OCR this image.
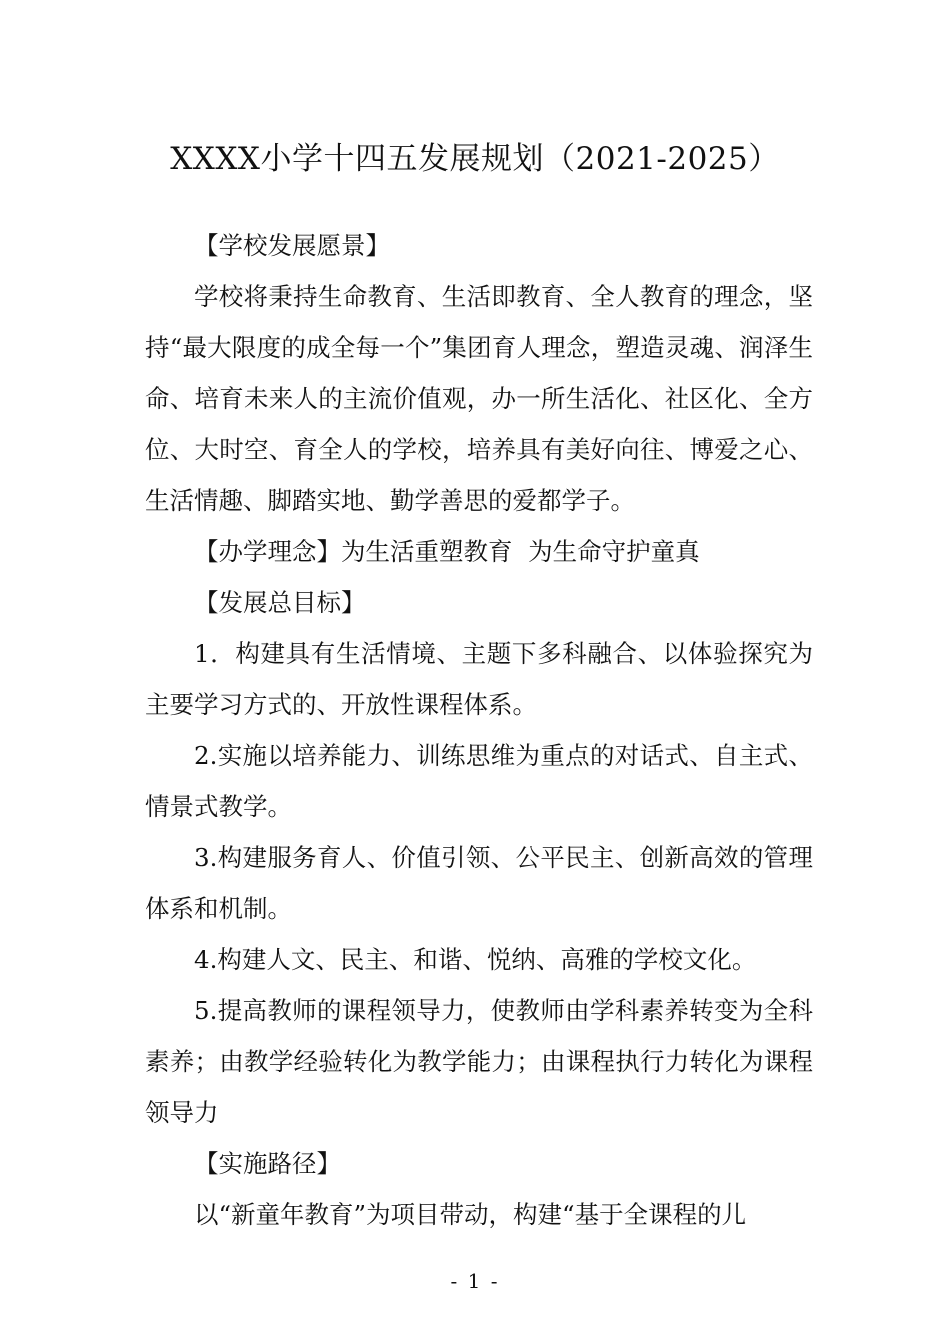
XXXX小学十四五发展规划（2021-2025）

【学校发展愿景】

学校将秉持生命教育、生活即教育、全人教育的理念，坚持“最大限度的成全每一个”集团育人理念，塑造灵魂、润泽生命、培育未来人的主流价值观，办一所生活化、社区化、全方位、大时空、育全人的学校，培养具有美好向往、博爱之心、生活情趣、脚踏实地、勤学善思的爱都学子。

【办学理念】为生活重塑教育  为生命守护童真

【发展总目标】

1．构建具有生活情境、主题下多科融合、以体验探究为主要学习方式的、开放性课程体系。

2.实施以培养能力、训练思维为重点的对话式、自主式、情景式教学。

3.构建服务育人、价值引领、公平民主、创新高效的管理体系和机制。

4.构建人文、民主、和谐、悦纳、高雅的学校文化。

5.提高教师的课程领导力，使教师由学科素养转变为全科素养；由教学经验转化为教学能力；由课程执行力转化为课程领导力

【实施路径】

以“新童年教育”为项目带动，构建“基于全课程的儿

- 1 -
